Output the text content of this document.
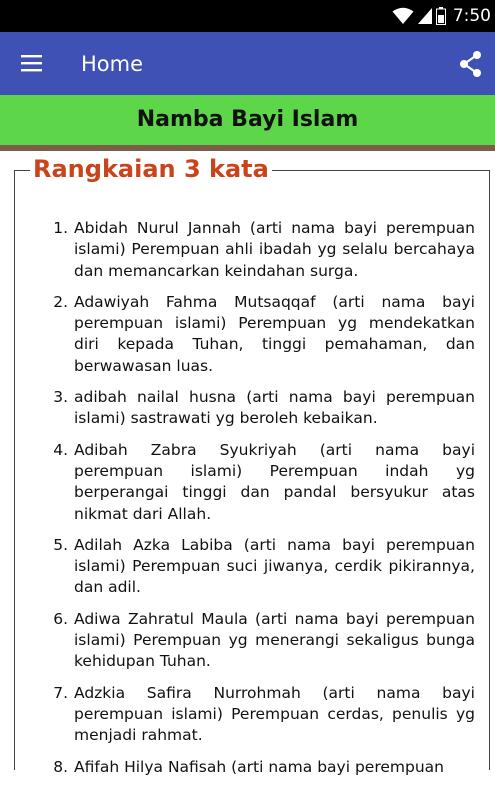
7:50
Home
Namba Bayi Islam
Rangkaian 3 kata
1. Abidah Nurul Jannah (arti nama bayi perempuan islami) Perempuan ahli ibadah yg selalu bercahaya dan memancarkan keindahan surga.
2. Adawiyah Fahma Mutsaqqaf (arti nama bayi perempuan islami) Perempuan yg mendekatkan diri kepada Tuhan, tinggi pemahaman, dan berwawasan luas.
3. adibah nailal husna (arti nama bayi perempuan islami) sastrawati yg beroleh kebaikan.
4. Adibah Zabra Syukriyah (arti nama bayi perempuan islami) Perempuan indah yg berperangai tinggi dan pandal bersyukur atas nikmat dari Allah.
5. Adilah Azka Labiba (arti nama bayi perempuan islami) Perempuan suci jiwanya, cerdik pikirannya, dan adil.
6. Adiwa Zahratul Maula (arti nama bayi perempuan islami) Perempuan yg menerangi sekaligus bunga kehidupan Tuhan.
7. Adzkia Safira Nurrohmah (arti nama bayi perempuan islami) Perempuan cerdas, penulis yg menjadi rahmat.
8. Afifah Hilya Nafisah (arti nama bayi perempuan
